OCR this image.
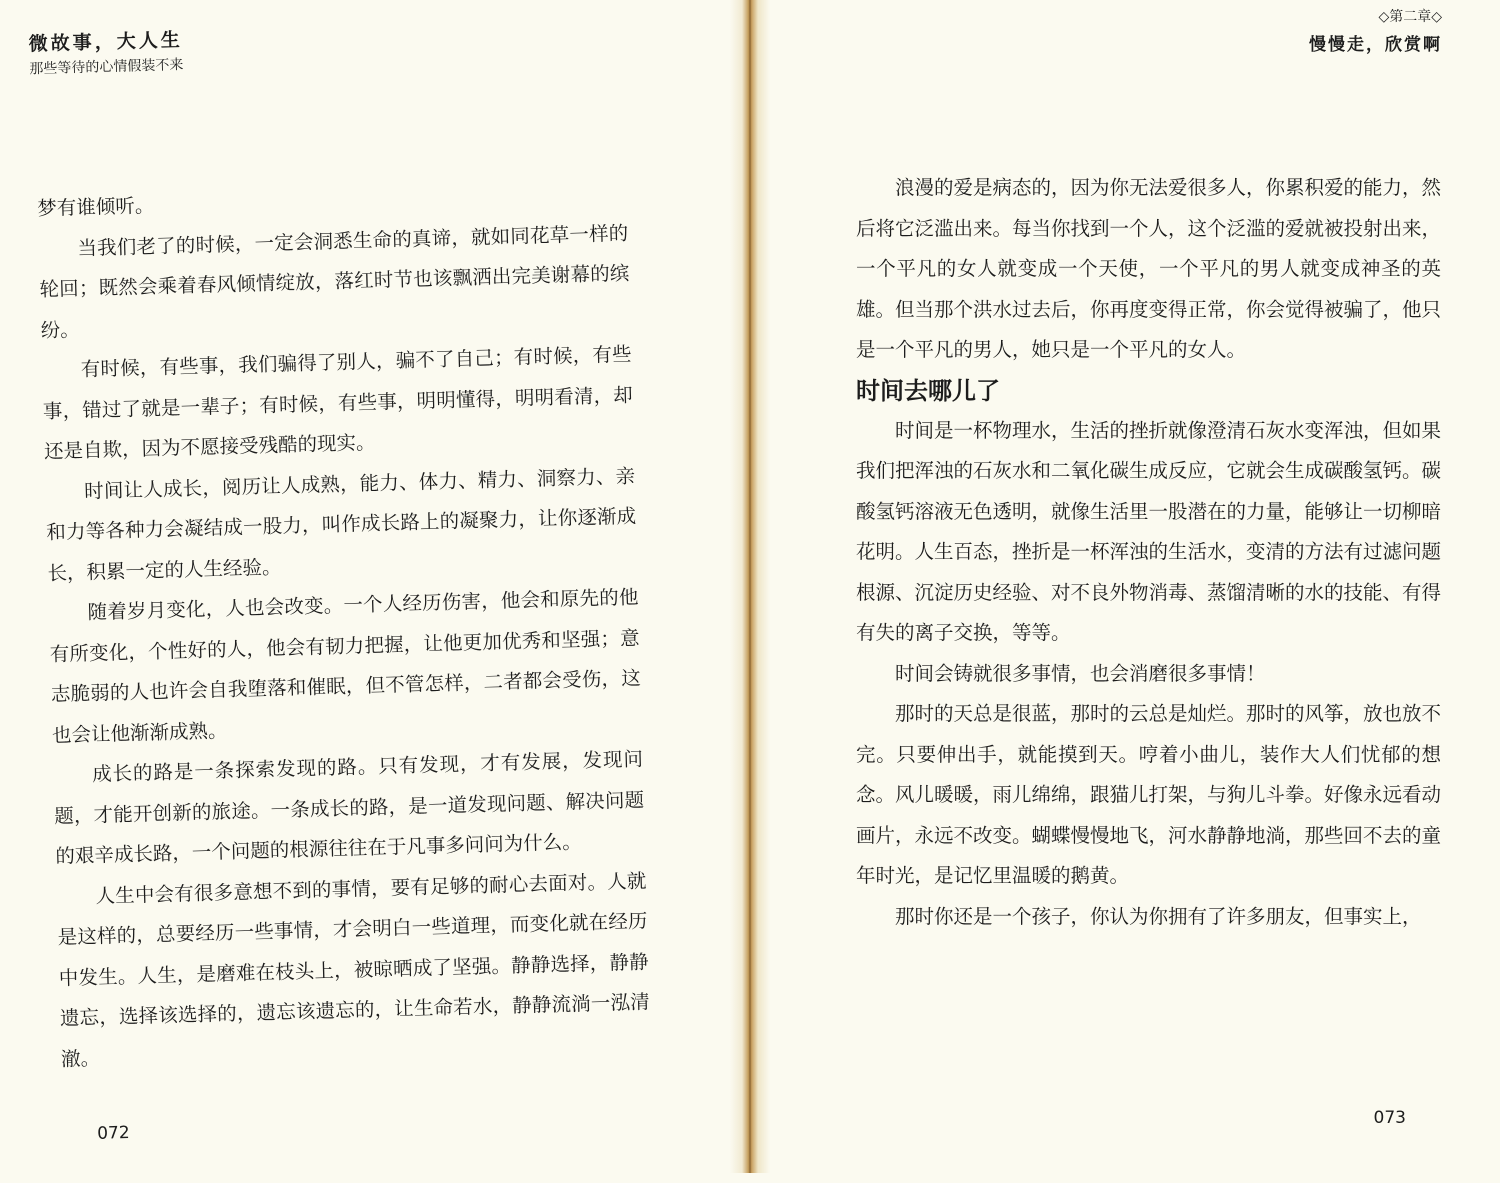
微故事，大人生
那些等待的心情假装不来

梦有谁倾听。

当我们老了的时候，一定会洞悉生命的真谛，就如同花草一样的轮回；既然会乘着春风倾情绽放，落红时节也该飘洒出完美谢幕的缤纷。

有时候，有些事，我们骗得了别人，骗不了自己；有时候，有些事，错过了就是一辈子；有时候，有些事，明明懂得，明明看清，却还是自欺，因为不愿接受残酷的现实。

时间让人成长，阅历让人成熟，能力、体力、精力、洞察力、亲和力等各种力会凝结成一股力，叫作成长路上的凝聚力，让你逐渐成长，积累一定的人生经验。

随着岁月变化，人也会改变。一个人经历伤害，他会和原先的他有所变化，个性好的人，他会有韧力把握，让他更加优秀和坚强；意志脆弱的人也许会自我堕落和催眠，但不管怎样，二者都会受伤，这也会让他渐渐成熟。

成长的路是一条探索发现的路。只有发现，才有发展，发现问题，才能开创新的旅途。一条成长的路，是一道发现问题、解决问题的艰辛成长路，一个问题的根源往往在于凡事多问问为什么。

人生中会有很多意想不到的事情，要有足够的耐心去面对。人就是这样的，总要经历一些事情，才会明白一些道理，而变化就在经历中发生。人生，是磨难在枝头上，被晾晒成了坚强。静静选择，静静遗忘，选择该选择的，遗忘该遗忘的，让生命若水，静静流淌一泓清澈。

072
◇第二章◇
慢慢走，欣赏啊

浪漫的爱是病态的，因为你无法爱很多人，你累积爱的能力，然后将它泛滥出来。每当你找到一个人，这个泛滥的爱就被投射出来，一个平凡的女人就变成一个天使，一个平凡的男人就变成神圣的英雄。但当那个洪水过去后，你再度变得正常，你会觉得被骗了，他只是一个平凡的男人，她只是一个平凡的女人。

时间去哪儿了

时间是一杯物理水，生活的挫折就像澄清石灰水变浑浊，但如果我们把浑浊的石灰水和二氧化碳生成反应，它就会生成碳酸氢钙。碳酸氢钙溶液无色透明，就像生活里一股潜在的力量，能够让一切柳暗花明。人生百态，挫折是一杯浑浊的生活水，变清的方法有过滤问题根源、沉淀历史经验、对不良外物消毒、蒸馏清晰的水的技能、有得有失的离子交换，等等。

时间会铸就很多事情，也会消磨很多事情！

那时的天总是很蓝，那时的云总是灿烂。那时的风筝，放也放不完。只要伸出手，就能摸到天。哼着小曲儿，装作大人们忧郁的想念。风儿暖暖，雨儿绵绵，跟猫儿打架，与狗儿斗拳。好像永远看动画片，永远不改变。蝴蝶慢慢地飞，河水静静地淌，那些回不去的童年时光，是记忆里温暖的鹅黄。

那时你还是一个孩子，你认为你拥有了许多朋友，但事实上，

073
